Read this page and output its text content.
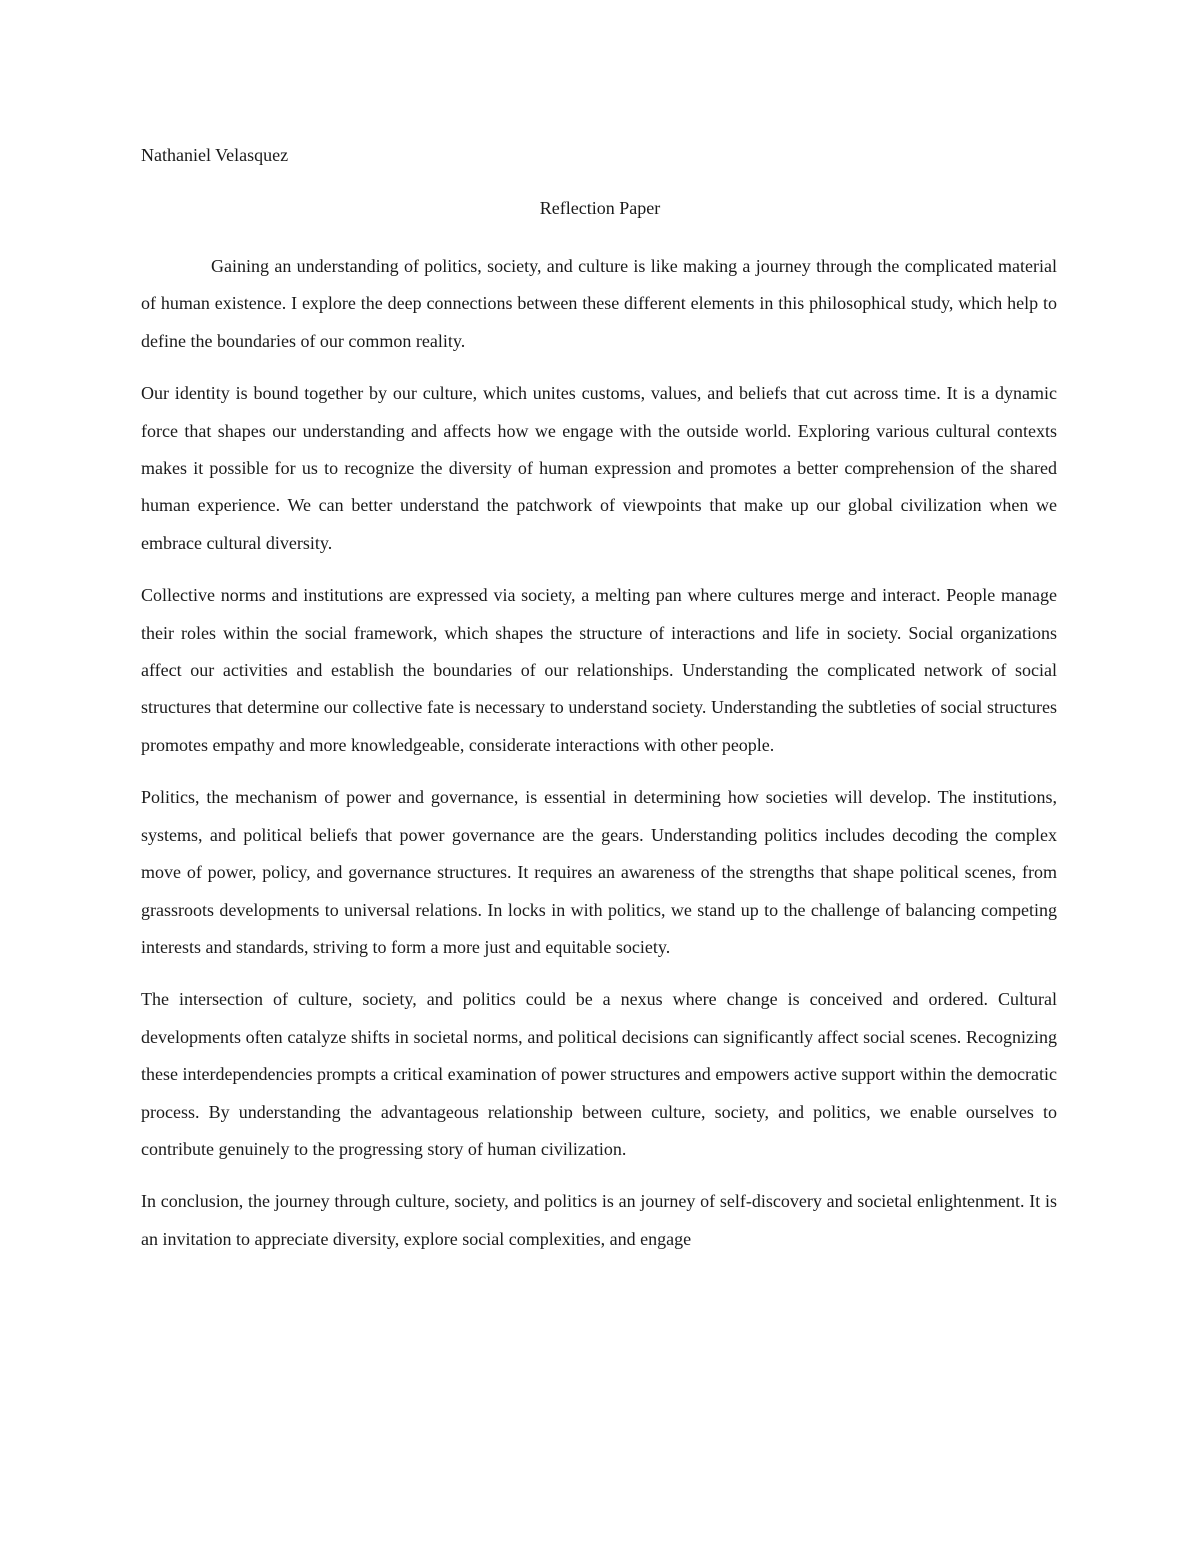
Nathaniel Velasquez

Reflection Paper

Gaining an understanding of politics, society, and culture is like making a journey through the complicated material of human existence. I explore the deep connections between these different elements in this philosophical study, which help to define the boundaries of our common reality.

Our identity is bound together by our culture, which unites customs, values, and beliefs that cut across time. It is a dynamic force that shapes our understanding and affects how we engage with the outside world. Exploring various cultural contexts makes it possible for us to recognize the diversity of human expression and promotes a better comprehension of the shared human experience. We can better understand the patchwork of viewpoints that make up our global civilization when we embrace cultural diversity.

Collective norms and institutions are expressed via society, a melting pan where cultures merge and interact. People manage their roles within the social framework, which shapes the structure of interactions and life in society. Social organizations affect our activities and establish the boundaries of our relationships. Understanding the complicated network of social structures that determine our collective fate is necessary to understand society. Understanding the subtleties of social structures promotes empathy and more knowledgeable, considerate interactions with other people.

Politics, the mechanism of power and governance, is essential in determining how societies will develop. The institutions, systems, and political beliefs that power governance are the gears. Understanding politics includes decoding the complex move of power, policy, and governance structures. It requires an awareness of the strengths that shape political scenes, from grassroots developments to universal relations. In locks in with politics, we stand up to the challenge of balancing competing interests and standards, striving to form a more just and equitable society.

The intersection of culture, society, and politics could be a nexus where change is conceived and ordered. Cultural developments often catalyze shifts in societal norms, and political decisions can significantly affect social scenes. Recognizing these interdependencies prompts a critical examination of power structures and empowers active support within the democratic process. By understanding the advantageous relationship between culture, society, and politics, we enable ourselves to contribute genuinely to the progressing story of human civilization.

In conclusion, the journey through culture, society, and politics is an journey of self-discovery and societal enlightenment. It is an invitation to appreciate diversity, explore social complexities, and engage
